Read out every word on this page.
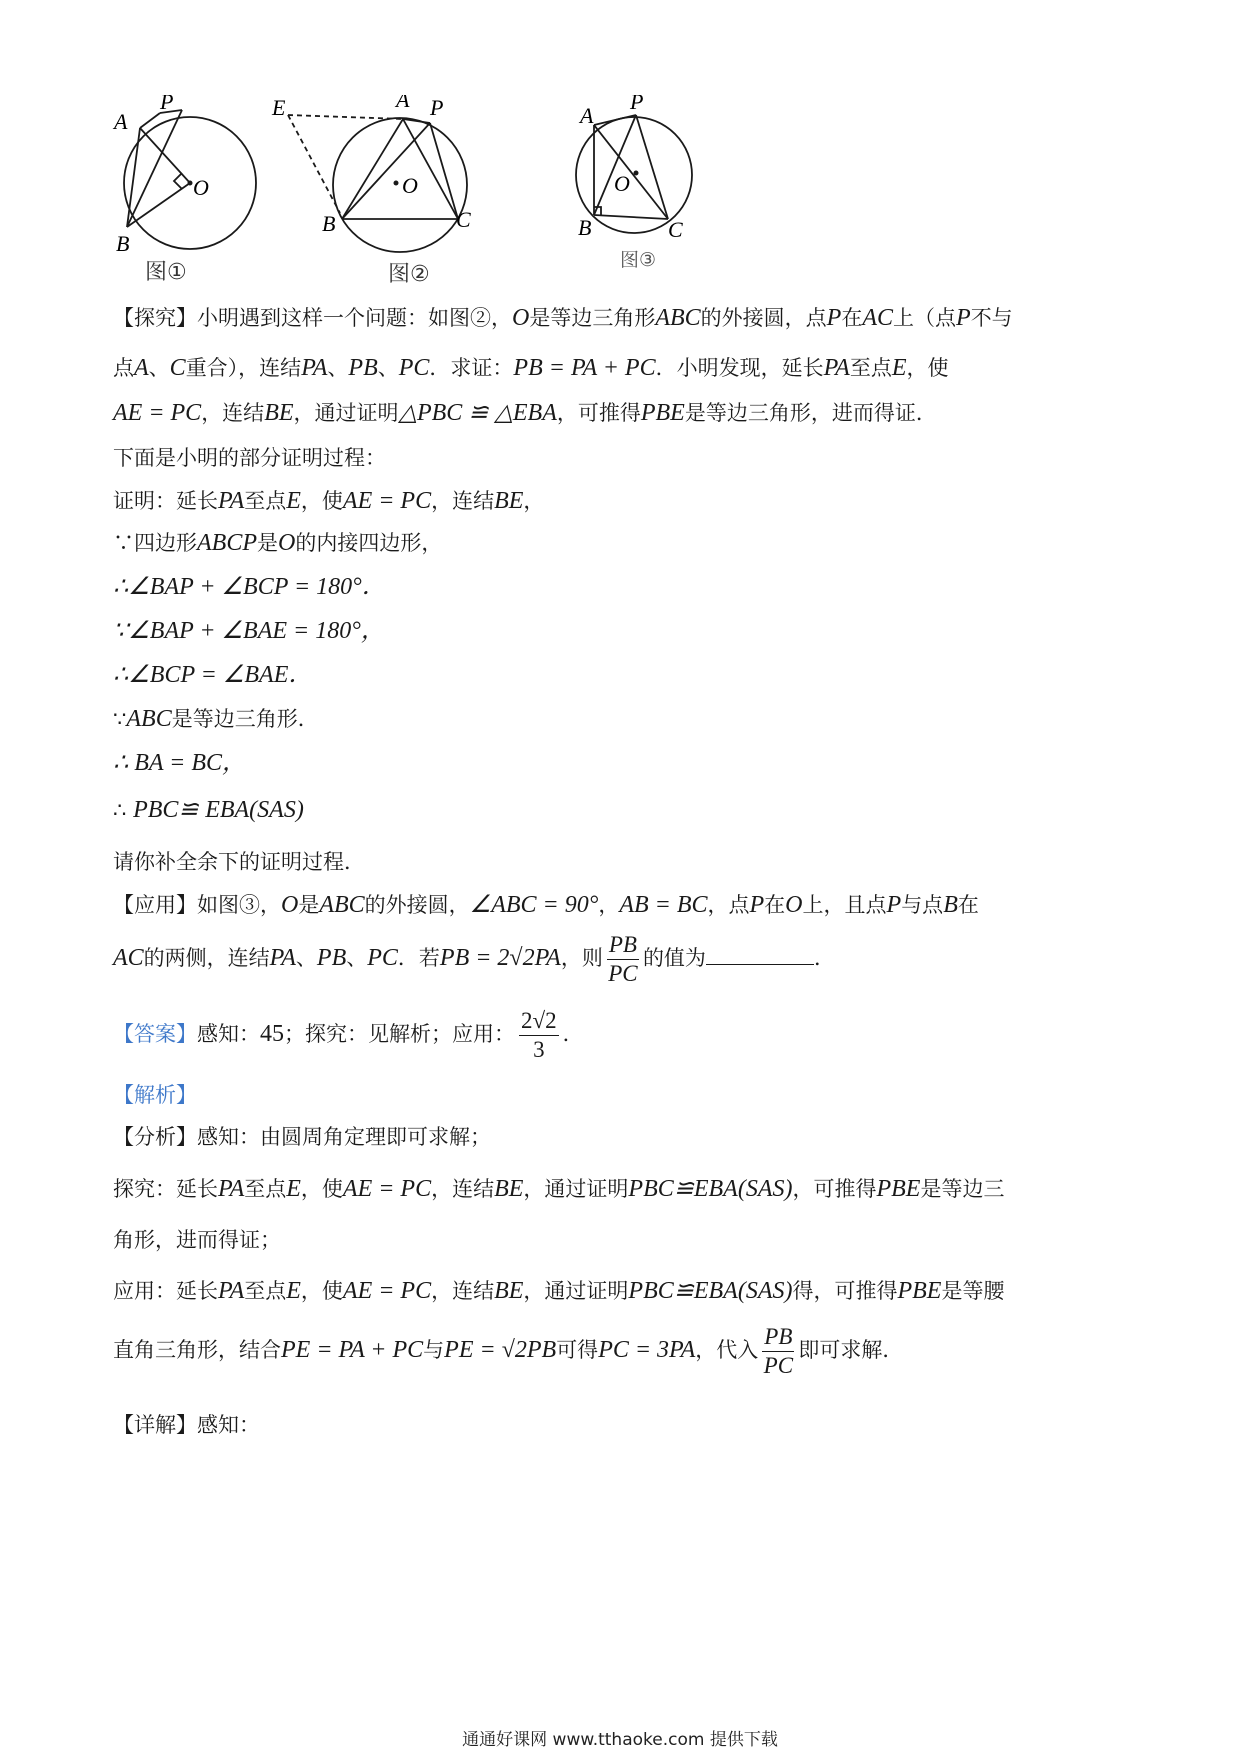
A
P
O
B
E	A P
O
B	C
A
P
O
B	C
图①	图②
图③
【探究】小明遇到这样一个问题：如图②，O是等边三角形ABC的外接圆，点P在AC上（点P不与
点A、C重合），连结PA、PB、PC．求证：PB = PA + PC．小明发现，延长PA至点E，使
AE = PC，连结BE，通过证明△PBC ≌ △EBA，可推得PBE是等边三角形，进而得证．
下面是小明的部分证明过程：
证明：延长PA至点E，使AE = PC，连结BE，
∵四边形ABCP是O的内接四边形，
∴∠BAP + ∠BCP = 180°．
∵∠BAP + ∠BAE = 180°，
∴∠BCP = ∠BAE．
∵ABC是等边三角形．
∴ BA = BC，
∴ PBC≌ EBA(SAS)
请你补全余下的证明过程．
【应用】如图③，O是ABC的外接圆，∠ABC = 90°，AB = BC，点P在O上，且点P与点B在
AC的两侧，连结PA、PB、PC．若PB = 2√2PA，则 $\frac{PB}{PC}$ 的值为	．
【答案】感知：45；探究：见解析；应用： $\frac{2√2}{3}$ ．
【解析】
【分析】感知：由圆周角定理即可求解；
探究：延长PA至点E，使AE = PC，连结BE，通过证明PBC≌EBA(SAS)，可推得PBE是等边三
角形，进而得证；
应用：延长PA至点E，使AE = PC，连结BE，通过证明PBC≌EBA(SAS)得，可推得PBE是等腰
直角三角形，结合PE = PA + PC与PE = √2PB可得PC = 3PA，代入 $\frac{PB}{PC}$ 即可求解．
【详解】感知：
通通好课网 www.tthaoke.com 提供下载
